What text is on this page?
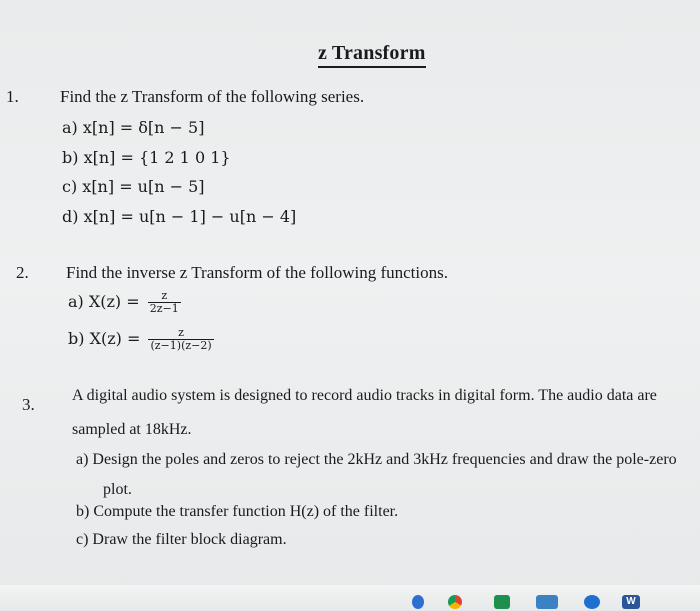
z Transform
1. Find the z Transform of the following series.
a) x[n] = δ[n − 5]
b) x[n] = {1 2 1 0 1}
c) x[n] = u[n − 5]
d) x[n] = u[n − 1] − u[n − 4]
2. Find the inverse z Transform of the following functions.
a) $X(z) = \frac{z}{2z-1}$
b) $X(z) = \frac{z}{(z-1)(z-2)}$
3. A digital audio system is designed to record audio tracks in digital form. The audio data are
sampled at 18kHz.
a) Design the poles and zeros to reject the 2kHz and 3kHz frequencies and draw the pole-zero
plot.
b) Compute the transfer function H(z) of the filter.
c) Draw the filter block diagram.
W
